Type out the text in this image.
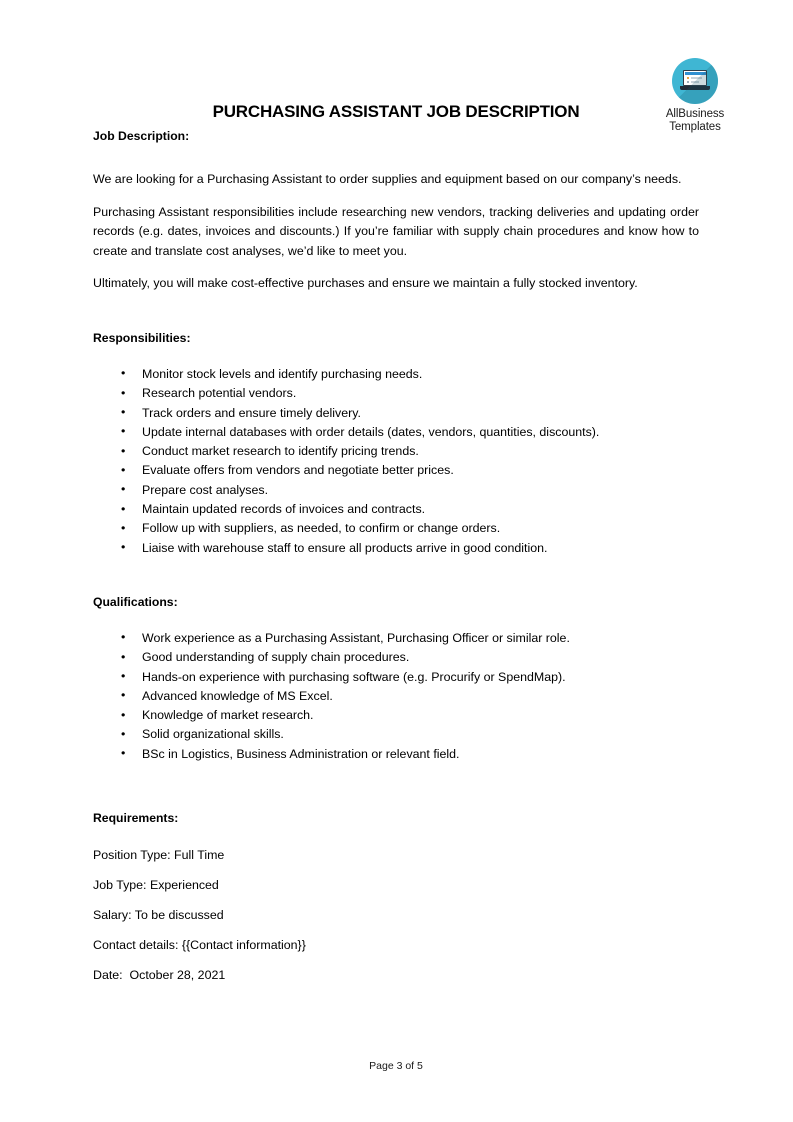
AllBusiness
Templates
PURCHASING ASSISTANT JOB DESCRIPTION
Job Description:

We are looking for a Purchasing Assistant to order supplies and equipment based on our company’s needs.

Purchasing Assistant responsibilities include researching new vendors, tracking deliveries and updating order records (e.g. dates, invoices and discounts.) If you’re familiar with supply chain procedures and know how to create and translate cost analyses, we’d like to meet you.

Ultimately, you will make cost-effective purchases and ensure we maintain a fully stocked inventory.

Responsibilities:
• Monitor stock levels and identify purchasing needs.
• Research potential vendors.
• Track orders and ensure timely delivery.
• Update internal databases with order details (dates, vendors, quantities, discounts).
• Conduct market research to identify pricing trends.
• Evaluate offers from vendors and negotiate better prices.
• Prepare cost analyses.
• Maintain updated records of invoices and contracts.
• Follow up with suppliers, as needed, to confirm or change orders.
• Liaise with warehouse staff to ensure all products arrive in good condition.
Qualifications:
• Work experience as a Purchasing Assistant, Purchasing Officer or similar role.
• Good understanding of supply chain procedures.
• Hands-on experience with purchasing software (e.g. Procurify or SpendMap).
• Advanced knowledge of MS Excel.
• Knowledge of market research.
• Solid organizational skills.
• BSc in Logistics, Business Administration or relevant field.
Requirements:
Position Type: Full Time
Job Type: Experienced
Salary: To be discussed
Contact details: {{Contact information}}
Date:  October 28, 2021
Page 3 of 5
